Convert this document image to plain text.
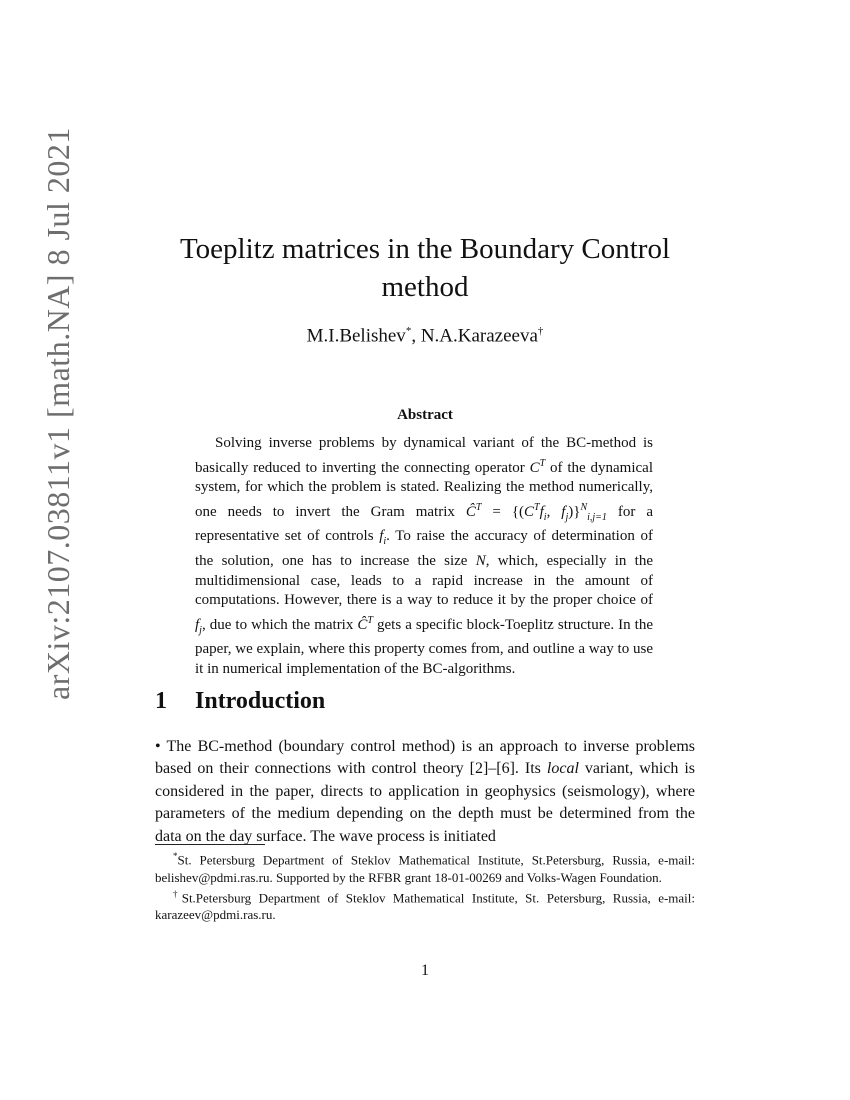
arXiv:2107.03811v1 [math.NA] 8 Jul 2021	Toeplitz matrices in the Boundary Control
method
M.I.Belishev*, N.A.Karazeeva†
Abstract

Solving inverse problems by dynamical variant of the BC-method is basically reduced to inverting the connecting operator $C^T$ of the dynamical system, for which the problem is stated. Realizing the method numerically, one needs to invert the Gram matrix $Ĉ^T = \{(C^Tf_i$, $f_j)\}^N_{i,j=1}$ for a representative set of controls $f_i$. To raise the accuracy of determination of the solution, one has to increase the size N, which, especially in the multidimensional case, leads to a rapid increase in the amount of computations. However, there is a way to reduce it by the proper choice of $f_j$, due to which the matrix $Ĉ^T$ gets a specific block-Toeplitz structure. In the paper, we explain, where this property comes from, and outline a way to use it in numerical implementation of the BC-algorithms.

1 Introduction

• The BC-method (boundary control method) is an approach to inverse problems based on their connections with control theory [2]–[6]. Its local variant, which is considered in the paper, directs to application in geophysics (seismology), where parameters of the medium depending on the depth must be determined from the data on the day surface. The wave process is initiated

*St. Petersburg Department of Steklov Mathematical Institute, St.Petersburg, Russia, e-mail: belishev@pdmi.ras.ru. Supported by the RFBR grant 18-01-00269 and Volks-Wagen Foundation.

†St.Petersburg Department of Steklov Mathematical Institute, St. Petersburg, Russia, e-mail: karazeev@pdmi.ras.ru.

1
